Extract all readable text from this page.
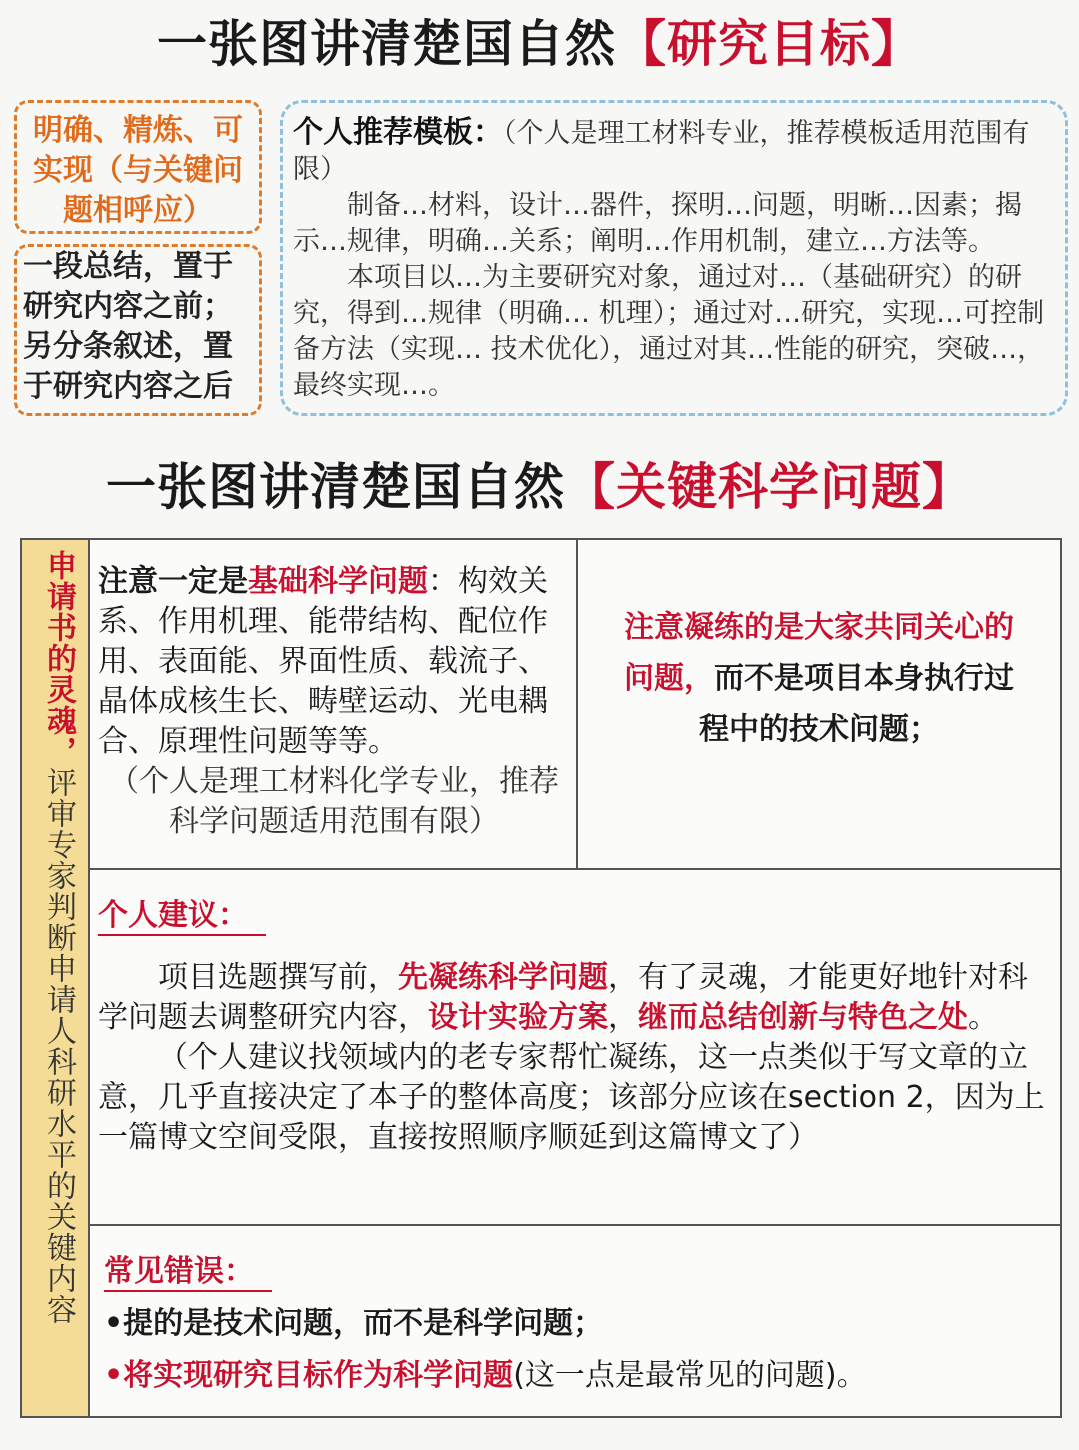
一张图讲清楚国自然【研究目标】
明确、精炼、可实现（与关键问题相呼应）
一段总结，置于研究内容之前；另分条叙述，置于研究内容之后

个人推荐模板：（个人是理工材料专业，推荐模板适用范围有限）

制备…材料，设计…器件，探明…问题，明晰…因素；揭示…规律，明确…关系；阐明…作用机制，建立…方法等。

本项目以…为主要研究对象，通过对…（基础研究）的研究，得到…规律（明确… 机理）；通过对…研究，实现…可控制备方法（实现… 技术优化），通过对其…性能的研究，突破…，最终实现…。

一张图讲清楚国自然【关键科学问题】
申请书的灵魂，评审专家判断申请人科研水平的关键内容
注意一定是基础科学问题：构效关系、作用机理、能带结构、配位作用、表面能、界面性质、载流子、晶体成核生长、畴壁运动、光电耦合、原理性问题等等。
（个人是理工材料化学专业，推荐科学问题适用范围有限）
注意凝练的是大家共同关心的问题，而不是项目本身执行过程中的技术问题；
个人建议：

项目选题撰写前，先凝练科学问题，有了灵魂，才能更好地针对科学问题去调整研究内容，设计实验方案，继而总结创新与特色之处。

（个人建议找领域内的老专家帮忙凝练，这一点类似于写文章的立意，几乎直接决定了本子的整体高度；该部分应该在section 2，因为上一篇博文空间受限，直接按照顺序顺延到这篇博文了）

常见错误：

•提的是技术问题，而不是科学问题；

•将实现研究目标作为科学问题(这一点是最常见的问题)。
